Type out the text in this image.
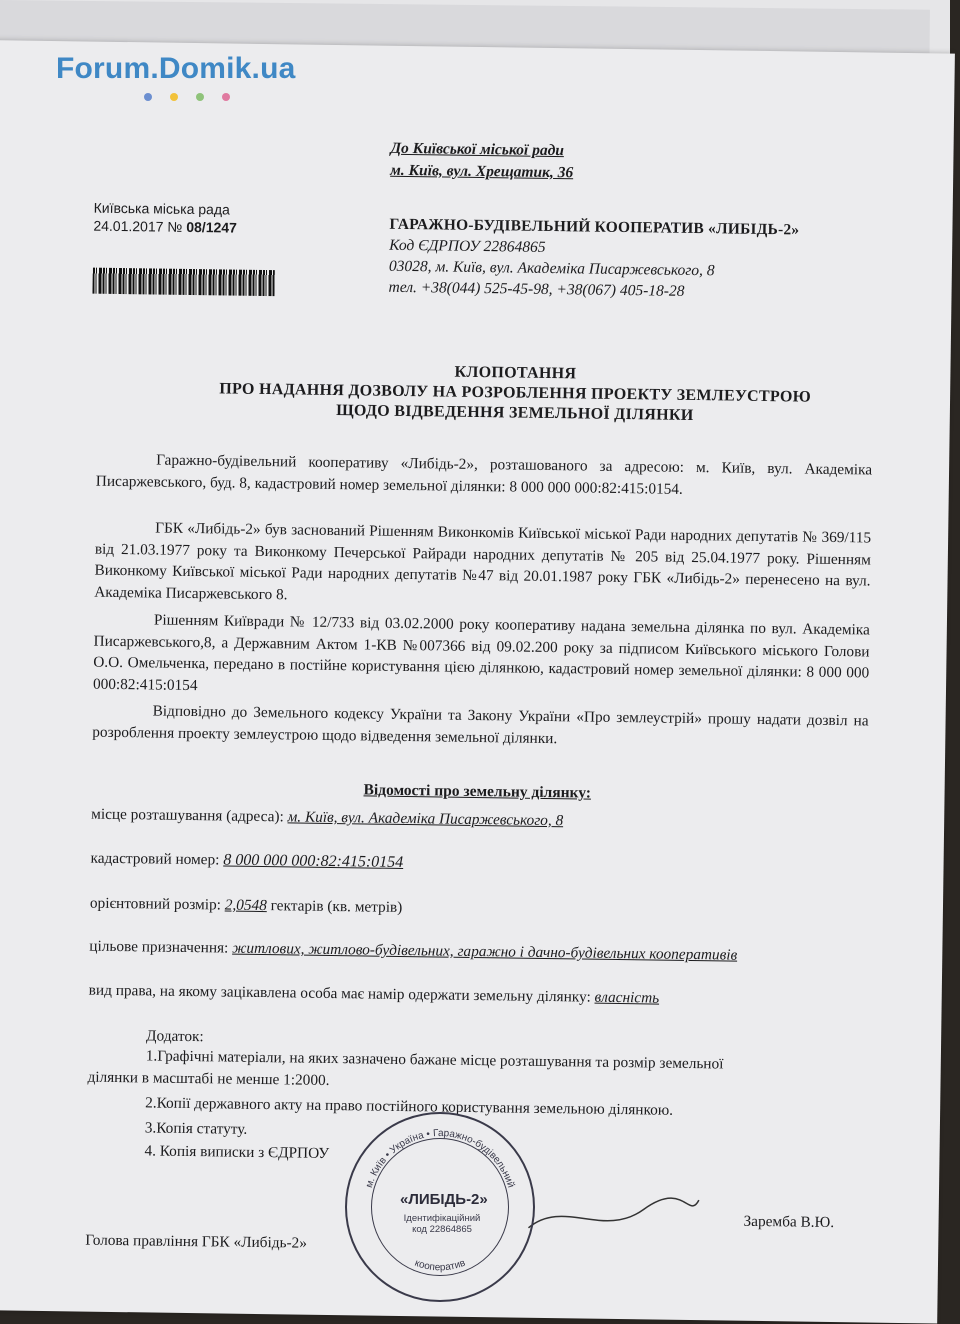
Forum.Domik.ua
До Київської міської ради
м. Київ, вул. Хрещатик, 36
Київська міська рада
24.01.2017 № 08/1247	ГАРАЖНО-БУДІВЕЛЬНИЙ КООПЕРАТИВ «ЛИБІДЬ-2»
Код ЄДРПОУ 22864865
03028, м. Київ, вул. Академіка Писаржевського, 8
тел. +38(044) 525-45-98, +38(067) 405-18-28
КЛОПОТАННЯ
ПРО НАДАННЯ ДОЗВОЛУ НА РОЗРОБЛЕННЯ ПРОЕКТУ ЗЕМЛЕУСТРОЮ
ЩОДО ВІДВЕДЕННЯ ЗЕМЕЛЬНОЇ ДІЛЯНКИ
Гаражно-будівельний кооперативу «Либідь-2», розташованого за адресою: м. Київ, вул. Академіка Писаржевського, буд. 8, кадастровий номер земельної ділянки: 8 000 000 000:82:415:0154.
ГБК «Либідь-2» був заснований Рішенням Виконкомів Київської міської Ради народних депутатів № 369/115 від 21.03.1977 року та Виконкому Печерської Райради народних депутатів № 205 від 25.04.1977 року. Рішенням Виконкому Київської міської Ради народних депутатів №47 від 20.01.1987 року ГБК «Либідь-2» перенесено на вул. Академіка Писаржевського 8.
Рішенням Київради № 12/733 від 03.02.2000 року кооперативу надана земельна ділянка по вул. Академіка Писаржевського,8, а Державним Актом 1-КВ №007366 від 09.02.200 року за підписом Київського міського Голови О.О. Омельченка, передано в постійне користування цією ділянкою, кадастровий номер земельної ділянки: 8 000 000 000:82:415:0154
Відповідно до Земельного кодексу України та Закону України «Про землеустрій» прошу надати дозвіл на розроблення проекту землеустрою щодо відведення земельної ділянки.
Відомості про земельну ділянку:
місце розташування (адреса): м. Київ, вул. Академіка Писаржевського, 8
кадастровий номер: 8 000 000 000:82:415:0154
орієнтовний розмір: 2,0548 гектарів (кв. метрів)
цільове призначення: житлових, житлово-будівельних, гаражно і дачно-будівельних кооперативів
вид права, на якому зацікавлена особа має намір одержати земельну ділянку: власність
Додаток:
1.Графічні матеріали, на яких зазначено бажане місце розташування та розмір земельної
ділянки в масштабі не менше 1:2000.
2.Копії державного акту на право постійного користування земельною ділянкою.
3.Копія статуту.
4. Копія виписки з ЄДРПОУ
Голова правління ГБК «Либідь-2»
Заремба В.Ю.
м. Київ • Україна • Гаражно-будівельний
кооператив
«ЛИБІДЬ-2»
Ідентифікаційний
код 22864865
